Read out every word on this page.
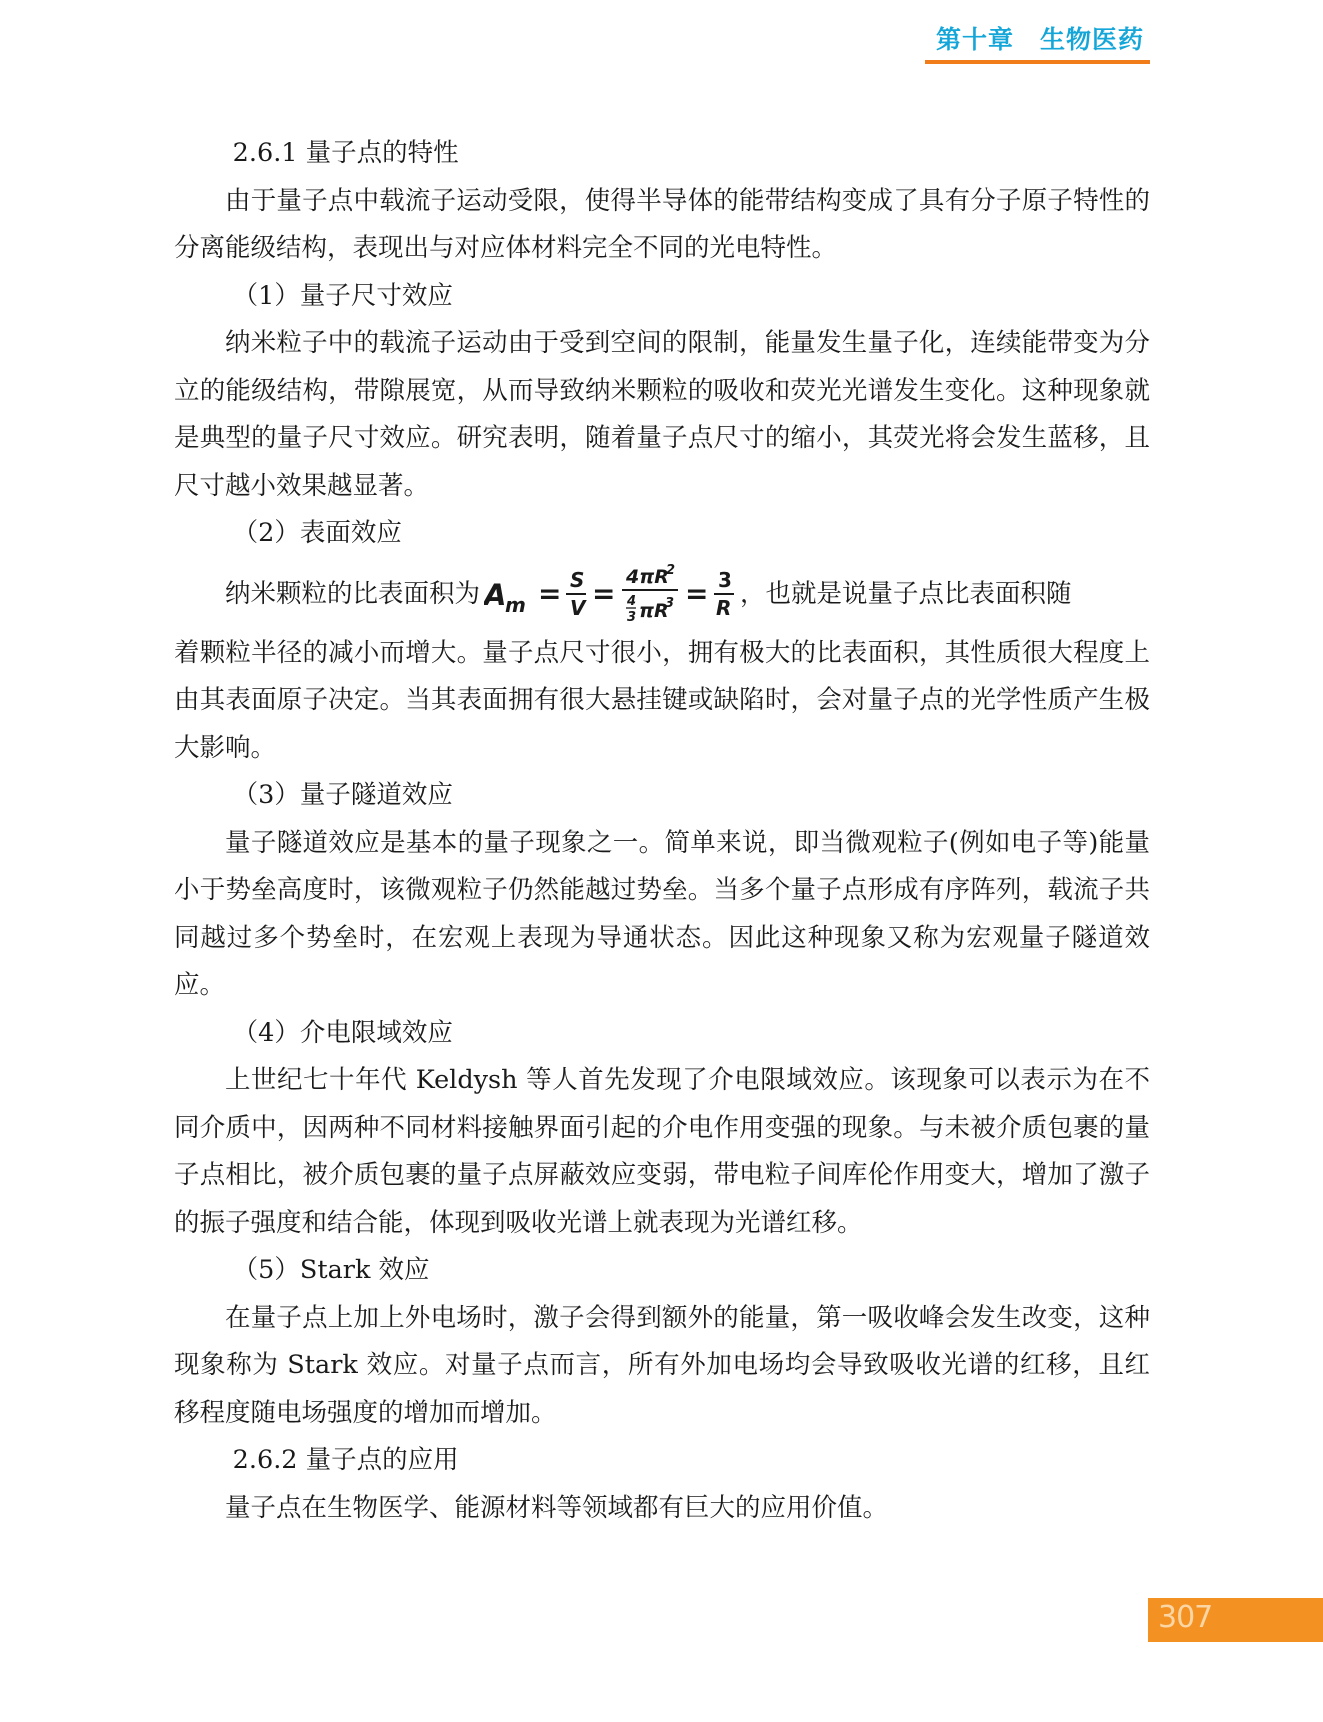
第十章　生物医药

2.6.1 量子点的特性

由于量子点中载流子运动受限，使得半导体的能带结构变成了具有分子原子特性的分离能级结构，表现出与对应体材料完全不同的光电特性。

（1）量子尺寸效应

纳米粒子中的载流子运动由于受到空间的限制，能量发生量子化，连续能带变为分立的能级结构，带隙展宽，从而导致纳米颗粒的吸收和荧光光谱发生变化。这种现象就是典型的量子尺寸效应。研究表明，随着量子点尺寸的缩小，其荧光将会发生蓝移，且尺寸越小效果越显著。

（2）表面效应

纳米颗粒的比表面积为 A
m = S
V = 4πR
2
4
3 πR
3 = 3
R ，也就是说量子点比表面积随

着颗粒半径的减小而增大。量子点尺寸很小，拥有极大的比表面积，其性质很大程度上由其表面原子决定。当其表面拥有很大悬挂键或缺陷时，会对量子点的光学性质产生极大影响。

（3）量子隧道效应

量子隧道效应是基本的量子现象之一。简单来说，即当微观粒子(例如电子等)能量小于势垒高度时，该微观粒子仍然能越过势垒。当多个量子点形成有序阵列，载流子共同越过多个势垒时，在宏观上表现为导通状态。因此这种现象又称为宏观量子隧道效应。

（4）介电限域效应

上世纪七十年代 Keldysh 等人首先发现了介电限域效应。该现象可以表示为在不同介质中，因两种不同材料接触界面引起的介电作用变强的现象。与未被介质包裹的量子点相比，被介质包裹的量子点屏蔽效应变弱，带电粒子间库伦作用变大，增加了激子的振子强度和结合能，体现到吸收光谱上就表现为光谱红移。

（5）Stark 效应

在量子点上加上外电场时，激子会得到额外的能量，第一吸收峰会发生改变，这种现象称为 Stark 效应。对量子点而言，所有外加电场均会导致吸收光谱的红移，且红移程度随电场强度的增加而增加。

2.6.2 量子点的应用

量子点在生物医学、能源材料等领域都有巨大的应用价值。

307
